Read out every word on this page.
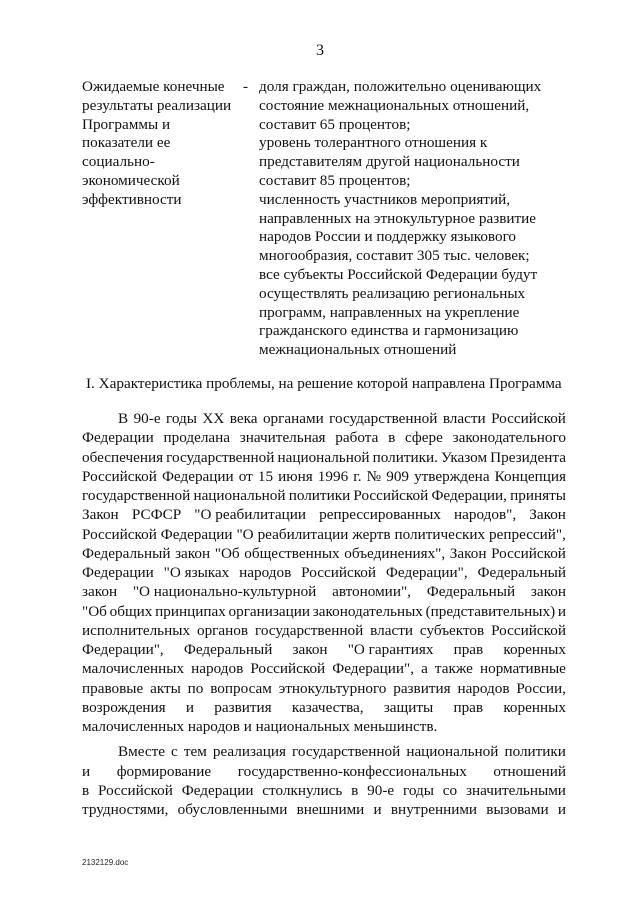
3
Ожидаемые конечные
результаты реализации
Программы и
показатели ее
социально-
экономической
эффективности
- доля граждан, положительно оценивающих
состояние межнациональных отношений,
составит 65 процентов;
уровень толерантного отношения к
представителям другой национальности
составит 85 процентов;
численность участников мероприятий,
направленных на этнокультурное развитие
народов России и поддержку языкового
многообразия, составит 305 тыс. человек;
все субъекты Российской Федерации будут
осуществлять реализацию региональных
программ, направленных на укрепление
гражданского единства и гармонизацию
межнациональных отношений
I. Характеристика проблемы, на решение которой направлена Программа
В 90-е годы XX века органами государственной власти Российской
Федерации проделана значительная работа в сфере законодательного
обеспечения государственной национальной политики. Указом Президента
Российской Федерации от 15 июня 1996 г. № 909 утверждена Концепция
государственной национальной политики Российской Федерации, приняты
Закон РСФСР "О реабилитации репрессированных народов", Закон
Российской Федерации "О реабилитации жертв политических репрессий",
Федеральный закон "Об общественных объединениях", Закон Российской
Федерации "О языках народов Российской Федерации", Федеральный
закон "О национально-культурной автономии", Федеральный закон
"Об общих принципах организации законодательных (представительных) и
исполнительных органов государственной власти субъектов Российской
Федерации", Федеральный закон "О гарантиях прав коренных
малочисленных народов Российской Федерации", а также нормативные
правовые акты по вопросам этнокультурного развития народов России,
возрождения и развития казачества, защиты прав коренных
малочисленных народов и национальных меньшинств.
Вместе с тем реализация государственной национальной политики
и формирование государственно-конфессиональных отношений
в Российской Федерации столкнулись в 90-е годы со значительными
трудностями, обусловленными внешними и внутренними вызовами и
2132129.doc
